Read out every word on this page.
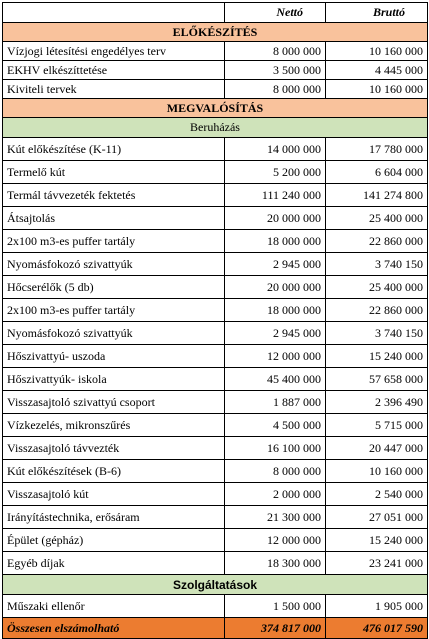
	Nettó	Bruttó
ELŐKÉSZÍTÉS		
Vízjogi létesítési engedélyes terv	8 000 000	10 160 000
EKHV elkészíttetése	3 500 000	4 445 000
Kiviteli tervek	8 000 000	10 160 000
MEGVALÓSÍTÁS		
Beruházás		
Kút előkészítése (K-11)	14 000 000	17 780 000
Termelő kút	5 200 000	6 604 000
Termál távvezeték fektetés	111 240 000	141 274 800
Átsajtolás	20 000 000	25 400 000
2x100 m3-es puffer tartály	18 000 000	22 860 000
Nyomásfokozó szivattyúk	2 945 000	3 740 150
Hőcserélők (5 db)	20 000 000	25 400 000
2x100 m3-es puffer tartály	18 000 000	22 860 000
Nyomásfokozó szivattyúk	2 945 000	3 740 150
Hőszivattyú- uszoda	12 000 000	15 240 000
Hőszivattyúk- iskola	45 400 000	57 658 000
Visszasajtoló szivattyú csoport	1 887 000	2 396 490
Vízkezelés, mikronszűrés	4 500 000	5 715 000
Visszasajtoló távvezték	16 100 000	20 447 000
Kút előkészítések (B-6)	8 000 000	10 160 000
Visszasajtoló kút	2 000 000	2 540 000
Irányítástechnika, erősáram	21 300 000	27 051 000
Épület (gépház)	12 000 000	15 240 000
Egyéb díjak	18 300 000	23 241 000
Szolgáltatások		
Műszaki ellenőr	1 500 000	1 905 000
Összesen elszámolható	374 817 000	476 017 590
